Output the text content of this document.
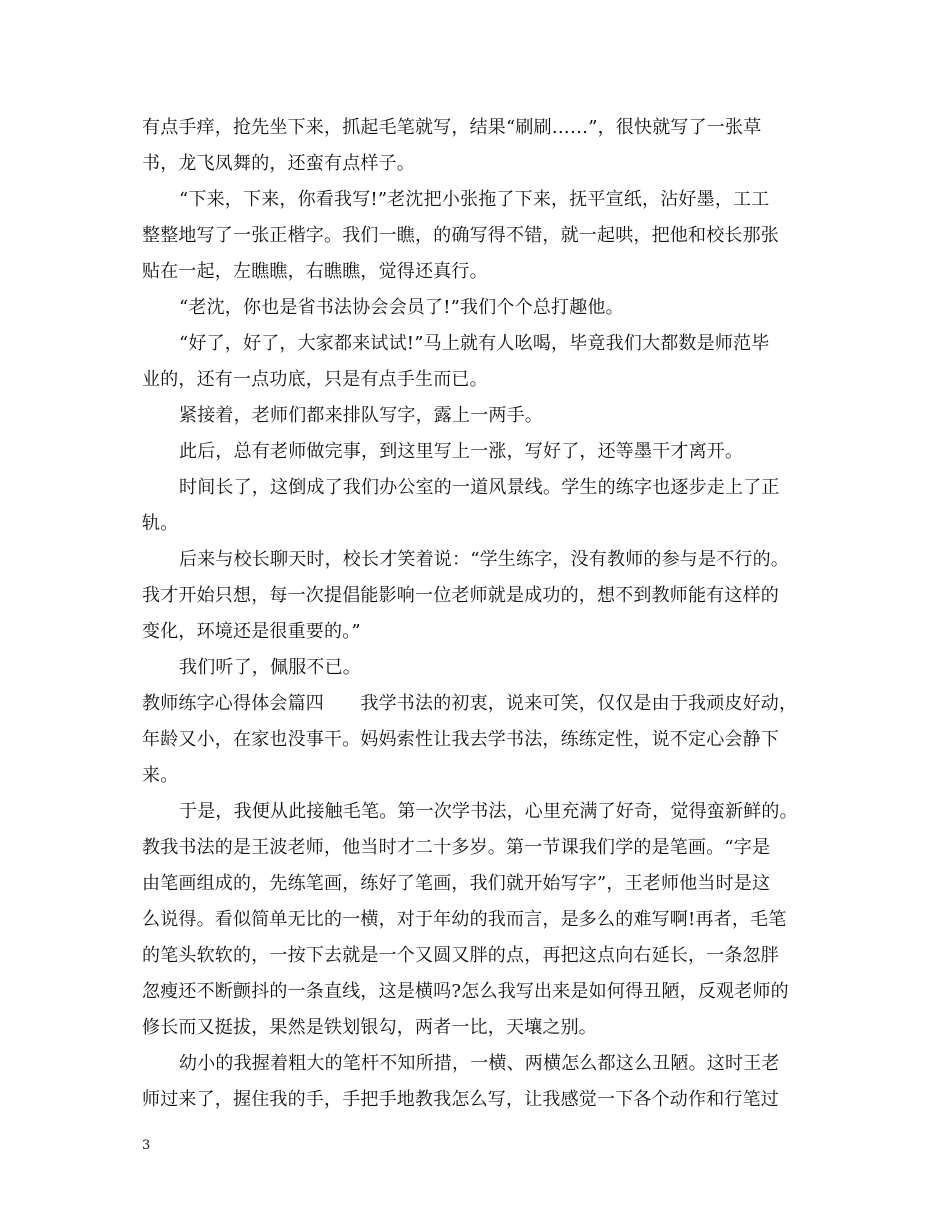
有点手痒，抢先坐下来，抓起毛笔就写，结果“刷刷……”，很快就写了一张草
书，龙飞凤舞的，还蛮有点样子。
“下来，下来，你看我写!”老沈把小张拖了下来，抚平宣纸，沾好墨，工工
整整地写了一张正楷字。我们一瞧，的确写得不错，就一起哄，把他和校长那张
贴在一起，左瞧瞧，右瞧瞧，觉得还真行。
“老沈，你也是省书法协会会员了!”我们个个总打趣他。
“好了，好了，大家都来试试!”马上就有人吆喝，毕竟我们大都数是师范毕
业的，还有一点功底，只是有点手生而已。
紧接着，老师们都来排队写字，露上一两手。
此后，总有老师做完事，到这里写上一涨，写好了，还等墨干才离开。
时间长了，这倒成了我们办公室的一道风景线。学生的练字也逐步走上了正
轨。
后来与校长聊天时，校长才笑着说：“学生练字，没有教师的参与是不行的。
我才开始只想，每一次提倡能影响一位老师就是成功的，想不到教师能有这样的
变化，环境还是很重要的。”
我们听了，佩服不已。
教师练字心得体会篇四　　我学书法的初衷，说来可笑，仅仅是由于我顽皮好动，
年龄又小，在家也没事干。妈妈索性让我去学书法，练练定性，说不定心会静下
来。
于是，我便从此接触毛笔。第一次学书法，心里充满了好奇，觉得蛮新鲜的。
教我书法的是王波老师，他当时才二十多岁。第一节课我们学的是笔画。“字是
由笔画组成的，先练笔画，练好了笔画，我们就开始写字”，王老师他当时是这
么说得。看似简单无比的一横，对于年幼的我而言，是多么的难写啊!再者，毛笔
的笔头软软的，一按下去就是一个又圆又胖的点，再把这点向右延长，一条忽胖
忽瘦还不断颤抖的一条直线，这是横吗?怎么我写出来是如何得丑陋，反观老师的
修长而又挺拔，果然是铁划银勾，两者一比，天壤之别。
幼小的我握着粗大的笔杆不知所措，一横、两横怎么都这么丑陋。这时王老
师过来了，握住我的手，手把手地教我怎么写，让我感觉一下各个动作和行笔过
3
